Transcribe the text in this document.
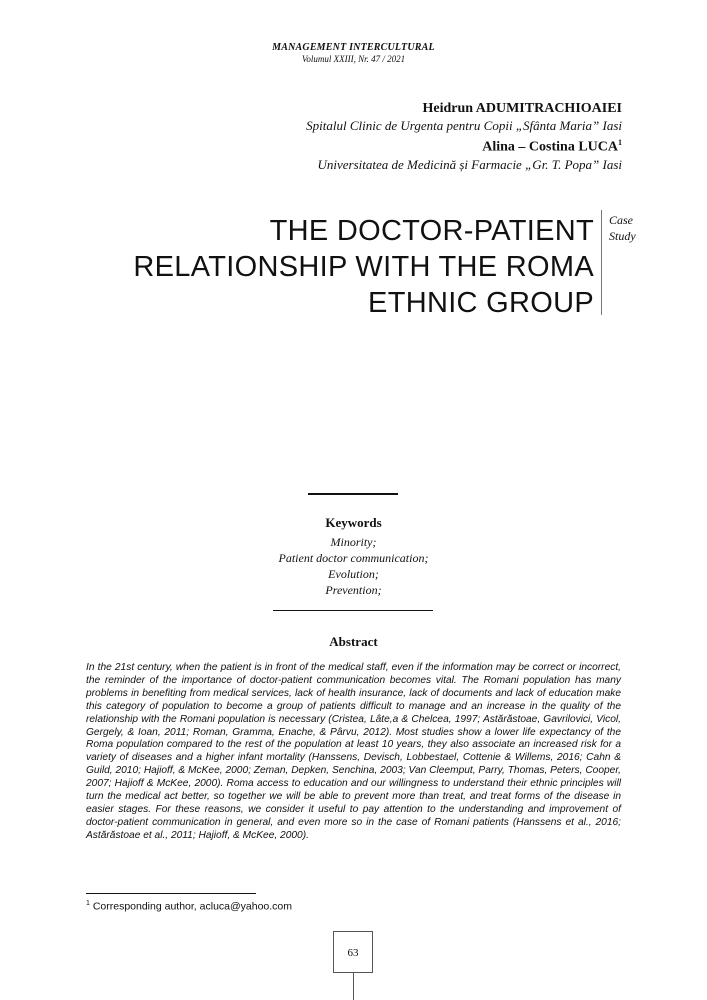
MANAGEMENT INTERCULTURAL
Volumul XXIII, Nr. 47 / 2021
Heidrun ADUMITRACHIOAIEI
Spitalul Clinic de Urgenta pentru Copii „Sfânta Maria” Iasi
Alina – Costina LUCA$^1$
Universitatea de Medicină și Farmacie „Gr. T. Popa” Iasi
THE DOCTOR-PATIENT RELATIONSHIP WITH THE ROMA ETHNIC GROUP
Case
Study
Keywords
Minority;
Patient doctor communication;
Evolution;
Prevention;
Abstract
In the 21st century, when the patient is in front of the medical staff, even if the information may be correct or incorrect, the reminder of the importance of doctor-patient communication becomes vital. The Romani population has many problems in benefiting from medical services, lack of health insurance, lack of documents and lack of education make this category of population to become a group of patients difficult to manage and an increase in the quality of the relationship with the Romani population is necessary (Cristea, Lâte,a & Chelcea, 1997; Astărăstoae, Gavrilovici, Vicol, Gergely, & Ioan, 2011; Roman, Gramma, Enache, & Pârvu, 2012). Most studies show a lower life expectancy of the Roma population compared to the rest of the population at least 10 years, they also associate an increased risk for a variety of diseases and a higher infant mortality (Hanssens, Devisch, Lobbestael, Cottenie & Willems, 2016; Cahn & Guild, 2010; Hajioff, & McKee, 2000; Zeman, Depken, Senchina, 2003; Van Cleemput, Parry, Thomas, Peters, Cooper, 2007; Hajioff & McKee, 2000). Roma access to education and our willingness to understand their ethnic principles will turn the medical act better, so together we will be able to prevent more than treat, and treat forms of the disease in easier stages. For these reasons, we consider it useful to pay attention to the understanding and improvement of doctor-patient communication in general, and even more so in the case of Romani patients (Hanssens et al., 2016; Astărăstoae et al., 2011; Hajioff, & McKee, 2000).
$^1$ Corresponding author, acluca@yahoo.com
63
